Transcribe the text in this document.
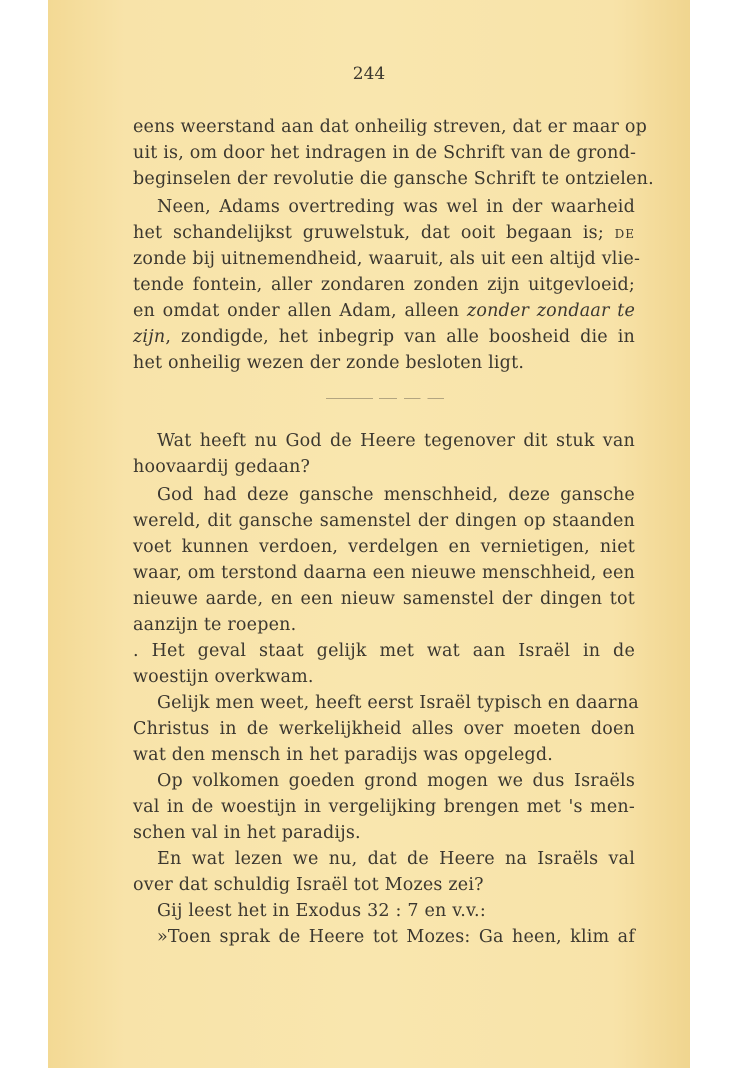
244
eens weerstand aan dat onheilig streven, dat er maar op
uit is, om door het indragen in de Schrift van de grond-
beginselen der revolutie die gansche Schrift te ontzielen.
Neen, Adams overtreding was wel in der waarheid
het schandelijkst gruwelstuk, dat ooit begaan is; DE
zonde bij uitnemendheid, waaruit, als uit een altijd vlie-
tende fontein, aller zondaren zonden zijn uitgevloeid;
en omdat onder allen Adam, alleen zonder zondaar te
zijn, zondigde, het inbegrip van alle boosheid die in
het onheilig wezen der zonde besloten ligt.
Wat heeft nu God de Heere tegenover dit stuk van
hoovaardij gedaan?
God had deze gansche menschheid, deze gansche
wereld, dit gansche samenstel der dingen op staanden
voet kunnen verdoen, verdelgen en vernietigen, niet
waar, om terstond daarna een nieuwe menschheid, een
nieuwe aarde, en een nieuw samenstel der dingen tot
aanzijn te roepen.
. Het geval staat gelijk met wat aan Israël in de
woestijn overkwam.
Gelijk men weet, heeft eerst Israël typisch en daarna
Christus in de werkelijkheid alles over moeten doen
wat den mensch in het paradijs was opgelegd.
Op volkomen goeden grond mogen we dus Israëls
val in de woestijn in vergelijking brengen met 's men-
schen val in het paradijs.
En wat lezen we nu, dat de Heere na Israëls val
over dat schuldig Israël tot Mozes zei?
Gij leest het in Exodus 32 : 7 en v.v.:
»Toen sprak de Heere tot Mozes: Ga heen, klim af
